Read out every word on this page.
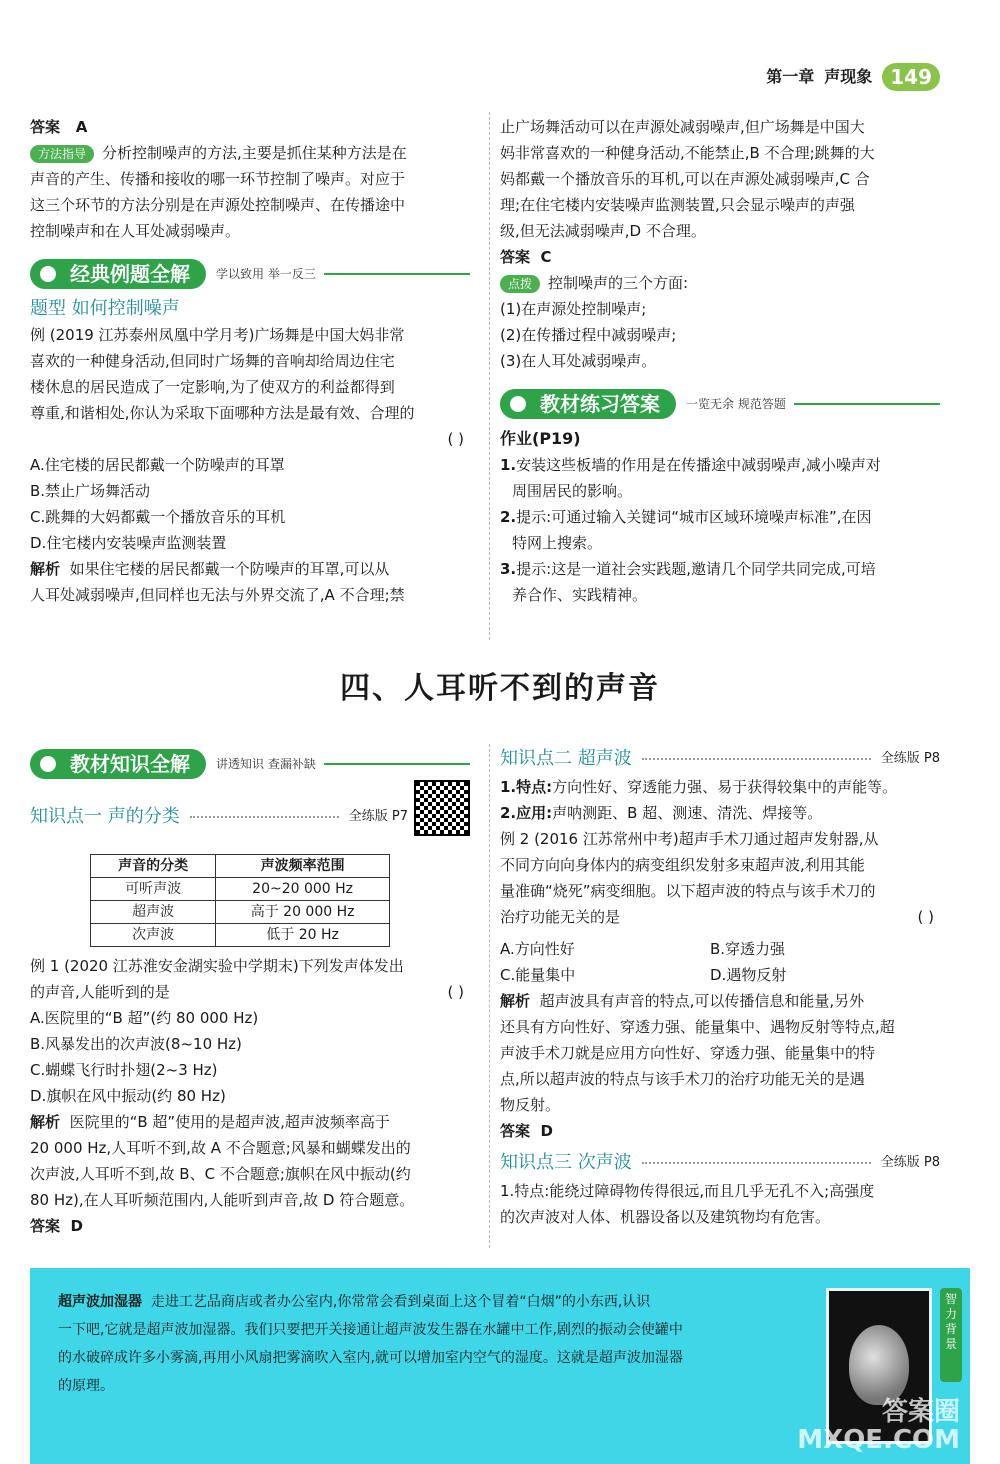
第一章 声现象 149

答案 A

方法指导 分析控制噪声的方法,主要是抓住某种方法是在

声音的产生、传播和接收的哪一环节控制了噪声。对应于

这三个环节的方法分别是在声源处控制噪声、在传播途中

控制噪声和在人耳处减弱噪声。

经典例题全解	学以致用 举一反三

题型 如何控制噪声

例 (2019 江苏泰州凤凰中学月考)广场舞是中国大妈非常

喜欢的一种健身活动,但同时广场舞的音响却给周边住宅

楼休息的居民造成了一定影响,为了使双方的利益都得到

尊重,和谐相处,你认为采取下面哪种方法是最有效、合理的

( )

A.住宅楼的居民都戴一个防噪声的耳罩

B.禁止广场舞活动

C.跳舞的大妈都戴一个播放音乐的耳机

D.住宅楼内安装噪声监测装置

解析 如果住宅楼的居民都戴一个防噪声的耳罩,可以从

人耳处减弱噪声,但同样也无法与外界交流了,A 不合理;禁

止广场舞活动可以在声源处减弱噪声,但广场舞是中国大

妈非常喜欢的一种健身活动,不能禁止,B 不合理;跳舞的大

妈都戴一个播放音乐的耳机,可以在声源处减弱噪声,C 合

理;在住宅楼内安装噪声监测装置,只会显示噪声的声强

级,但无法减弱噪声,D 不合理。

答案 C

点拨 控制噪声的三个方面:

(1)在声源处控制噪声;

(2)在传播过程中减弱噪声;

(3)在人耳处减弱噪声。

教材练习答案	一览无余 规范答题

作业(P19)

1.安装这些板墙的作用是在传播途中减弱噪声,减小噪声对

周围居民的影响。

2.提示:可通过输入关键词“城市区域环境噪声标准”,在因

特网上搜索。

3.提示:这是一道社会实践题,邀请几个同学共同完成,可培

养合作、实践精神。

四、人耳听不到的声音
教材知识全解	讲透知识 查漏补缺
知识点一 声的分类	全练版 P7
声音的分类	声波频率范围
可听声波	20~20 000 Hz
超声波	高于 20 000 Hz
次声波	低于 20 Hz

例 1 (2020 江苏淮安金湖实验中学期末)下列发声体发出

的声音,人能听到的是	( )

A.医院里的“B 超”(约 80 000 Hz)

B.风暴发出的次声波(8~10 Hz)

C.蝴蝶飞行时扑翅(2~3 Hz)

D.旗帜在风中振动(约 80 Hz)

解析 医院里的“B 超”使用的是超声波,超声波频率高于

20 000 Hz,人耳听不到,故 A 不合题意;风暴和蝴蝶发出的

次声波,人耳听不到,故 B、C 不合题意;旗帜在风中振动(约

80 Hz),在人耳听频范围内,人能听到声音,故 D 符合题意。

答案 D

知识点二 超声波	全练版 P8

1.特点:方向性好、穿透能力强、易于获得较集中的声能等。

2.应用:声呐测距、B 超、测速、清洗、焊接等。

例 2 (2016 江苏常州中考)超声手术刀通过超声发射器,从

不同方向向身体内的病变组织发射多束超声波,利用其能

量准确“烧死”病变细胞。以下超声波的特点与该手术刀的

治疗功能无关的是	( )

A.方向性好	B.穿透力强
C.能量集中	D.遇物反射

解析 超声波具有声音的特点,可以传播信息和能量,另外

还具有方向性好、穿透力强、能量集中、遇物反射等特点,超

声波手术刀就是应用方向性好、穿透力强、能量集中的特

点,所以超声波的特点与该手术刀的治疗功能无关的是遇

物反射。

答案 D

知识点三 次声波	全练版 P8

1.特点:能绕过障碍物传得很远,而且几乎无孔不入;高强度

的次声波对人体、机器设备以及建筑物均有危害。

超声波加湿器 走进工艺品商店或者办公室内,你常常会看到桌面上这个冒着“白烟”的小东西,认识
一下吧,它就是超声波加湿器。我们只要把开关接通让超声波发生器在水罐中工作,剧烈的振动会使罐中
的水破碎成许多小雾滴,再用小风扇把雾滴吹入室内,就可以增加室内空气的湿度。这就是超声波加湿器
的原理。
智力背景
答案圈
MXQE.COM
